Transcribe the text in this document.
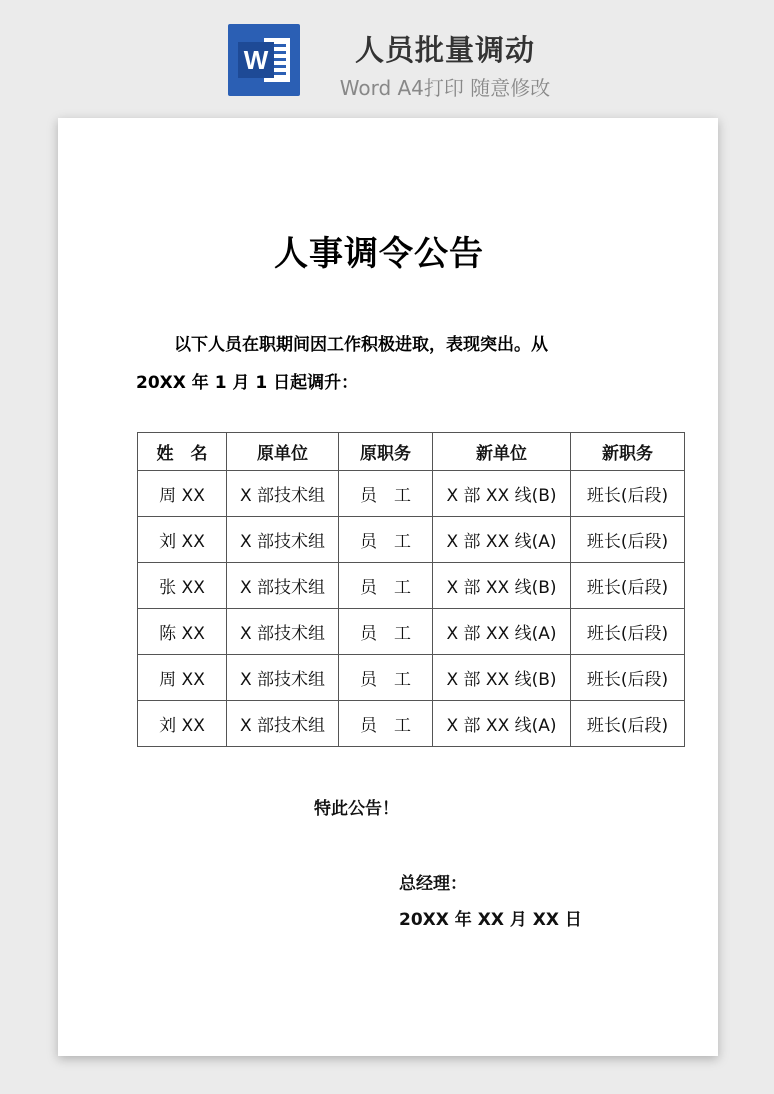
W	人员批量调动
Word A4打印 随意修改
人事调令公告
以下人员在职期间因工作积极进取，表现突出。从
20XX 年 1 月 1 日起调升：
姓　名	原单位	原职务	新单位	新职务
周 XX	X 部技术组	员　工	X 部 XX 线(B)	班长(后段)
刘 XX	X 部技术组	员　工	X 部 XX 线(A)	班长(后段)
张 XX	X 部技术组	员　工	X 部 XX 线(B)	班长(后段)
陈 XX	X 部技术组	员　工	X 部 XX 线(A)	班长(后段)
周 XX	X 部技术组	员　工	X 部 XX 线(B)	班长(后段)
刘 XX	X 部技术组	员　工	X 部 XX 线(A)	班长(后段)
特此公告！
总经理：
20XX 年 XX 月 XX 日
